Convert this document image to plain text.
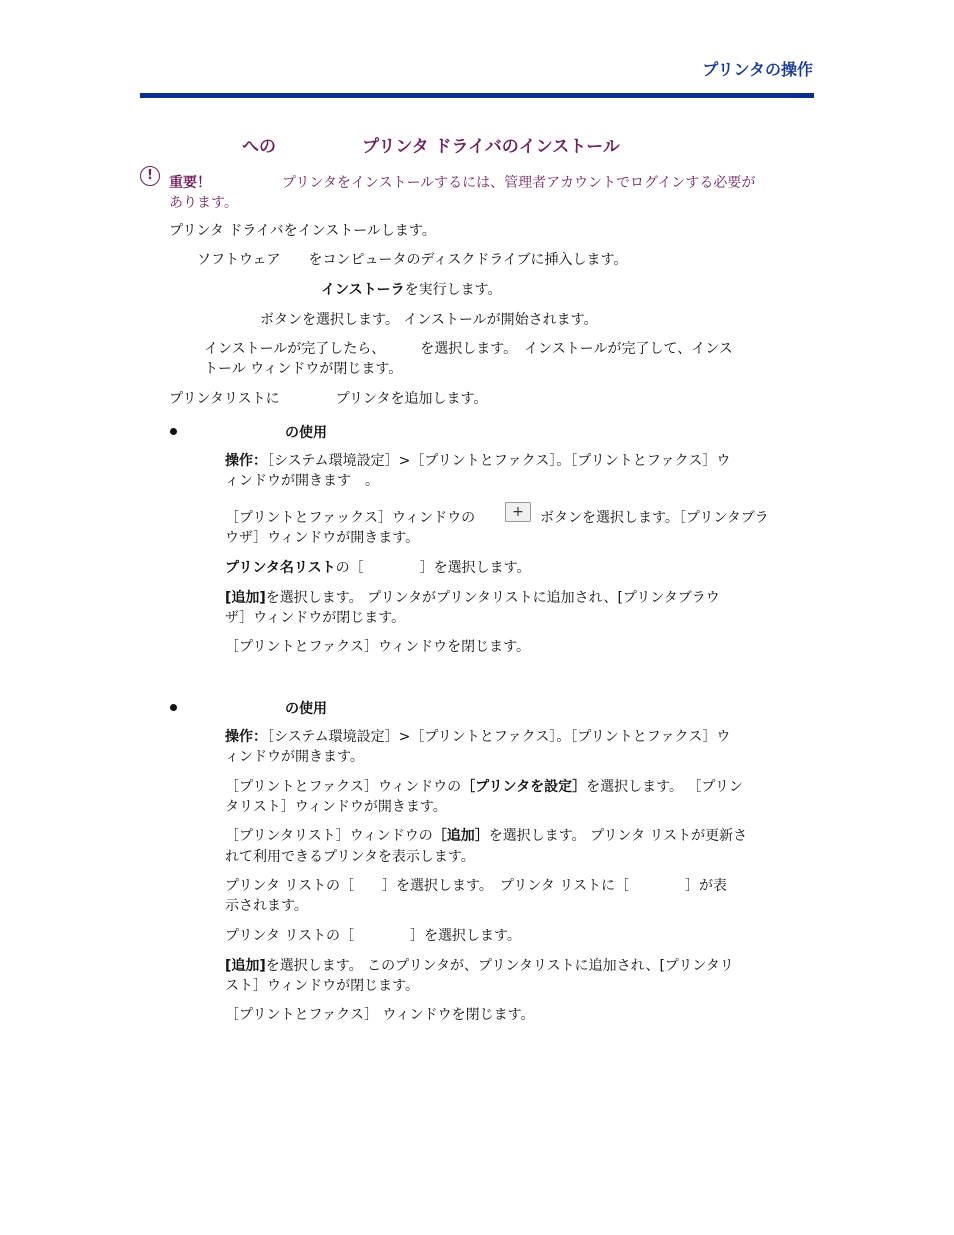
プリンタの操作
への	プリンタ ドライバのインストール
!	重要！	プリンタをインストールするには、管理者アカウントでログインする必要が
あります。
プリンタ ドライバをインストールします。
ソフトウェア　　をコンピュータのディスクドライブに挿入します。
インストーラを実行します。
ボタンを選択します。 インストールが開始されます。
インストールが完了したら、　　　を選択します。　インストールが完了して、インス
トール ウィンドウが閉じます。
プリンタリストに　　　　プリンタを追加します。
の使用
操作：［システム環境設定］>［プリントとファクス］。［プリントとファクス］ウ
ィンドウが開きます　。
［プリントとファックス］ウィンドウの	+	ボタンを選択します。［プリンタブラ
ウザ］ウィンドウが開きます。
プリンタ名リストの［　　　　］を選択します。
[追加]を選択します。 プリンタがプリンタリストに追加され、[プリンタブラウ
ザ］ウィンドウが閉じます。
［プリントとファクス］ウィンドウを閉じます。
の使用
操作：［システム環境設定］>［プリントとファクス］。［プリントとファクス］ウ
ィンドウが開きます。
［プリントとファクス］ウィンドウの［プリンタを設定］を選択します。 ［プリン
タリスト］ウィンドウが開きます。
［プリンタリスト］ウィンドウの［追加］を選択します。 プリンタ リストが更新さ
れて利用できるプリンタを表示します。
プリンタ リストの［　　］を選択します。　プリンタ リストに［　　　　］が表
示されます。
プリンタ リストの［　　　　］を選択します。
[追加]を選択します。 このプリンタが、プリンタリストに追加され、[プリンタリ
スト］ウィンドウが閉じます。
［プリントとファクス］ ウィンドウを閉じます。
